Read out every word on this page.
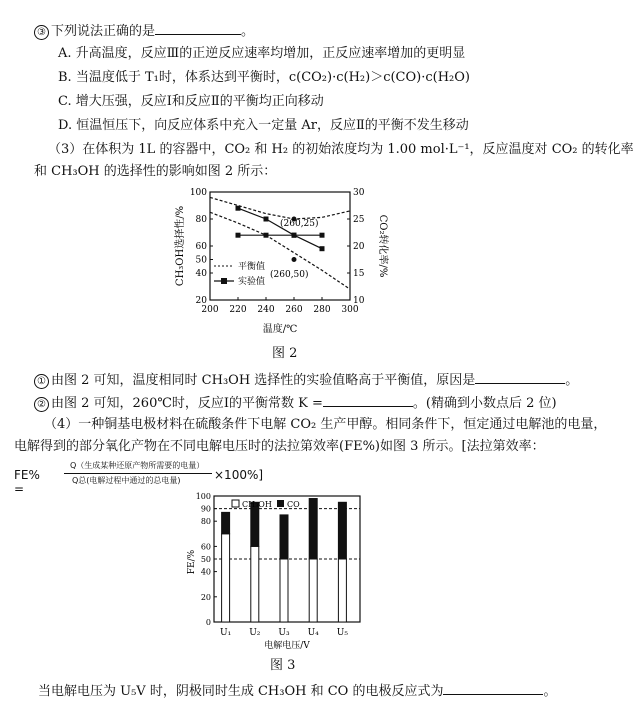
③ 下列说法正确的是	。
A. 升高温度，反应Ⅲ的正逆反应速率均增加，正反应速率增加的更明显
B. 当温度低于 T₁时，体系达到平衡时，c(CO₂)·c(H₂)＞c(CO)·c(H₂O)
C. 增大压强，反应Ⅰ和反应Ⅱ的平衡均正向移动
D. 恒温恒压下，向反应体系中充入一定量 Ar，反应Ⅱ的平衡不发生移动
（3）在体积为 1L 的容器中，CO₂ 和 H₂ 的初始浓度均为 1.00 mol·L⁻¹，反应温度对 CO₂ 的转化率
和 CH₃OH 的选择性的影响如图 2 所示：
100
80
60
50
40
20
30
25
20
15
10
200 220 240 260 280 300
CH₃OH选择性/%	CO₂转化率/%
温度/℃
(260,25)
(260,50)
平衡值
实验值
图 2
① 由图 2 可知，温度相同时 CH₃OH 选择性的实验值略高于平衡值，原因是	。
② 由图 2 可知，260℃时，反应Ⅰ的平衡常数 K =	。(精确到小数点后 2 位)
（4）一种铜基电极材料在硫酸条件下电解 CO₂ 生产甲醇。相同条件下，恒定通过电解池的电量，
电解得到的部分氧化产物在不同电解电压时的法拉第效率(FE%)如图 3 所示。[法拉第效率：
FE% =
Q（生成某种还原产物所需要的电量）
Q总(电解过程中通过的总电量)	×100%]
100
90
80
60
50
40
20
0
U₁ U₂ U₃ U₄ U₅
FE/%
电解电压/V
CH₃OH CO
图 3
当电解电压为 U₅V 时，阴极同时生成 CH₃OH 和 CO 的电极反应式为	。
